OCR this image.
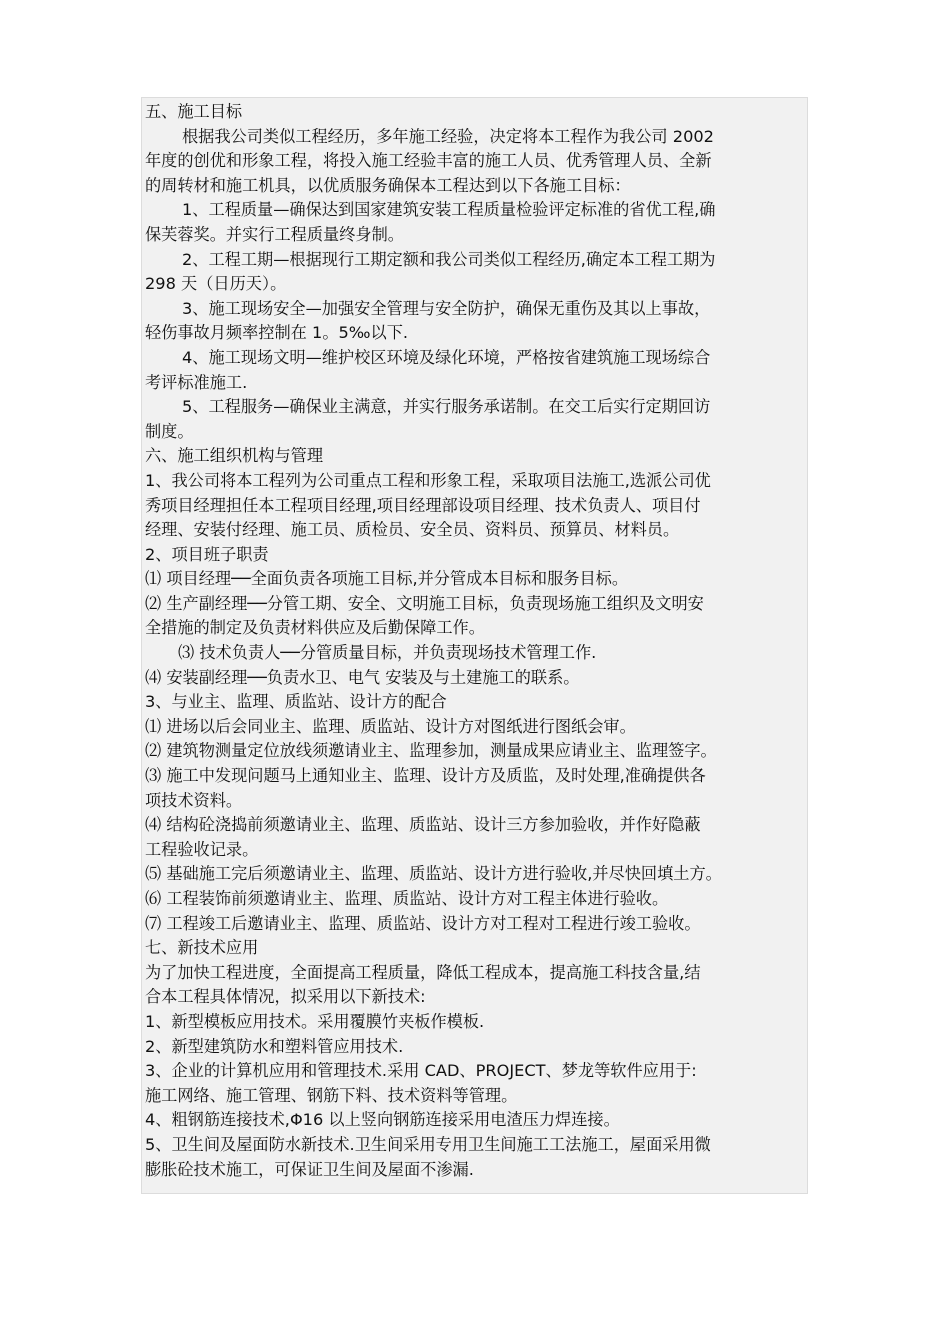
五、施工目标
根据我公司类似工程经历，多年施工经验，决定将本工程作为我公司 2002
年度的创优和形象工程，将投入施工经验丰富的施工人员、优秀管理人员、全新
的周转材和施工机具，以优质服务确保本工程达到以下各施工目标：
1、工程质量—确保达到国家建筑安装工程质量检验评定标准的省优工程,确
保芙蓉奖。并实行工程质量终身制。
2、工程工期—根据现行工期定额和我公司类似工程经历,确定本工程工期为
298 天（日历天）。
3、施工现场安全—加强安全管理与安全防护，确保无重伤及其以上事故，
轻伤事故月频率控制在 1。5‰以下.
4、施工现场文明—维护校区环境及绿化环境，严格按省建筑施工现场综合
考评标准施工.
5、工程服务—确保业主满意，并实行服务承诺制。在交工后实行定期回访
制度。
六、施工组织机构与管理
1、我公司将本工程列为公司重点工程和形象工程，采取项目法施工,选派公司优
秀项目经理担任本工程项目经理,项目经理部设项目经理、技术负责人、项目付
经理、安装付经理、施工员、质检员、安全员、资料员、预算员、材料员。
2、项目班子职责
⑴ 项目经理──全面负责各项施工目标,并分管成本目标和服务目标。
⑵ 生产副经理──分管工期、安全、文明施工目标，负责现场施工组织及文明安
全措施的制定及负责材料供应及后勤保障工作。
⑶ 技术负责人──分管质量目标，并负责现场技术管理工作.
⑷ 安装副经理──负责水卫、电气 安装及与土建施工的联系。
3、与业主、监理、质监站、设计方的配合
⑴ 进场以后会同业主、监理、质监站、设计方对图纸进行图纸会审。
⑵ 建筑物测量定位放线须邀请业主、监理参加，测量成果应请业主、监理签字。
⑶ 施工中发现问题马上通知业主、监理、设计方及质监，及时处理,准确提供各
项技术资料。
⑷ 结构砼浇捣前须邀请业主、监理、质监站、设计三方参加验收，并作好隐蔽
工程验收记录。
⑸ 基础施工完后须邀请业主、监理、质监站、设计方进行验收,并尽快回填土方。
⑹ 工程装饰前须邀请业主、监理、质监站、设计方对工程主体进行验收。
⑺ 工程竣工后邀请业主、监理、质监站、设计方对工程对工程进行竣工验收。
七、新技术应用
为了加快工程进度，全面提高工程质量，降低工程成本，提高施工科技含量,结
合本工程具体情况，拟采用以下新技术:
1、新型模板应用技术。采用覆膜竹夹板作模板.
2、新型建筑防水和塑料管应用技术.
3、企业的计算机应用和管理技术.采用 CAD、PROJECT、梦龙等软件应用于:
施工网络、施工管理、钢筋下料、技术资料等管理。
4、粗钢筋连接技术,Φ16 以上竖向钢筋连接采用电渣压力焊连接。
5、卫生间及屋面防水新技术.卫生间采用专用卫生间施工工法施工，屋面采用微
膨胀砼技术施工，可保证卫生间及屋面不渗漏.
